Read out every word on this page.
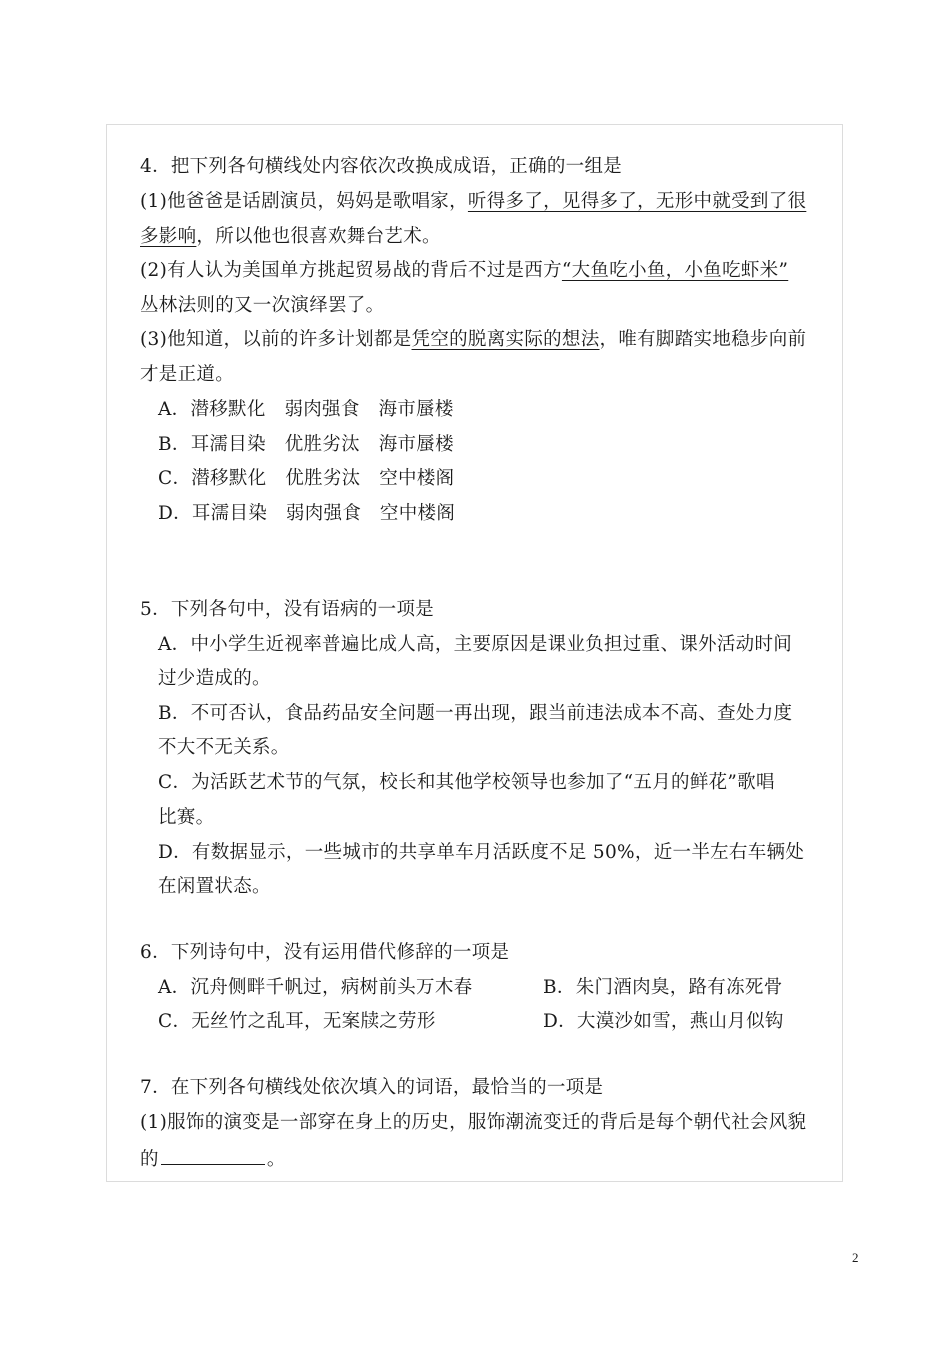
4．把下列各句横线处内容依次改换成成语，正确的一组是
(1)他爸爸是话剧演员，妈妈是歌唱家，听得多了，见得多了，无形中就受到了很
多影响，所以他也很喜欢舞台艺术。
(2)有人认为美国单方挑起贸易战的背后不过是西方“大鱼吃小鱼，小鱼吃虾米”
丛林法则的又一次演绎罢了。
(3)他知道，以前的许多计划都是凭空的脱离实际的想法，唯有脚踏实地稳步向前
才是正道。
A．潜移默化　弱肉强食　海市蜃楼
B．耳濡目染　优胜劣汰　海市蜃楼
C．潜移默化　优胜劣汰　空中楼阁
D．耳濡目染　弱肉强食　空中楼阁
5．下列各句中，没有语病的一项是
A．中小学生近视率普遍比成人高，主要原因是课业负担过重、课外活动时间
过少造成的。
B．不可否认，食品药品安全问题一再出现，跟当前违法成本不高、查处力度
不大不无关系。
C．为活跃艺术节的气氛，校长和其他学校领导也参加了“五月的鲜花”歌唱
比赛。
D．有数据显示，一些城市的共享单车月活跃度不足 50%，近一半左右车辆处
在闲置状态。
6．下列诗句中，没有运用借代修辞的一项是
A．沉舟侧畔千帆过，病树前头万木春	B．朱门酒肉臭，路有冻死骨
C．无丝竹之乱耳，无案牍之劳形	D．大漠沙如雪，燕山月似钩
7．在下列各句横线处依次填入的词语，最恰当的一项是
(1)服饰的演变是一部穿在身上的历史，服饰潮流变迁的背后是每个朝代社会风貌
的	。
2
